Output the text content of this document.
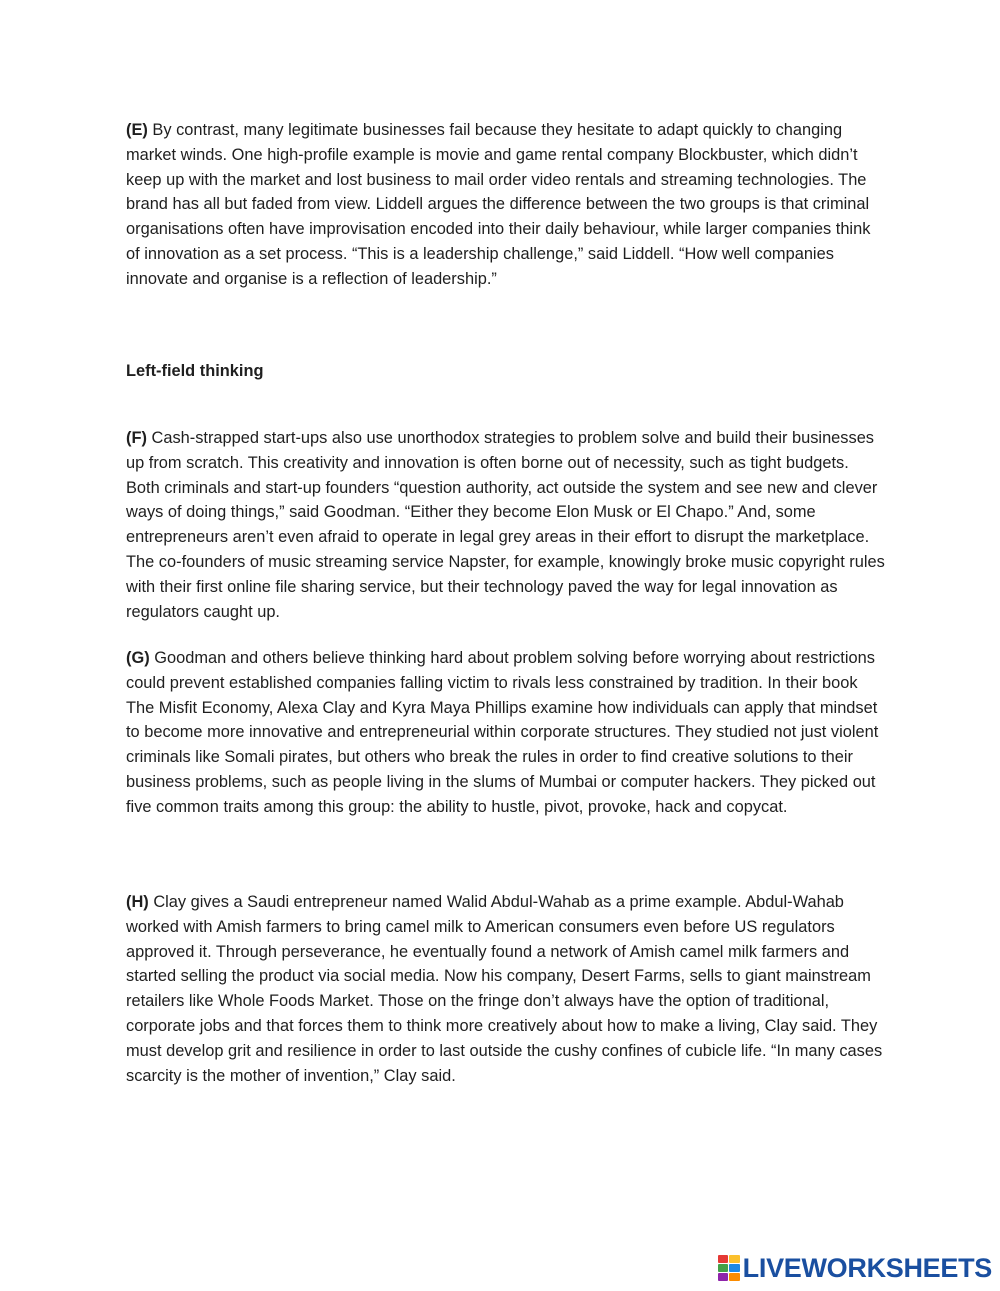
(E) By contrast, many legitimate businesses fail because they hesitate to adapt quickly to changing market winds. One high-profile example is movie and game rental company Blockbuster, which didn’t keep up with the market and lost business to mail order video rentals and streaming technologies. The brand has all but faded from view. Liddell argues the difference between the two groups is that criminal organisations often have improvisation encoded into their daily behaviour, while larger companies think of innovation as a set process. “This is a leadership challenge,” said Liddell. “How well companies innovate and organise is a reflection of leadership.”

Left-field thinking

(F) Cash-strapped start-ups also use unorthodox strategies to problem solve and build their businesses up from scratch. This creativity and innovation is often borne out of necessity, such as tight budgets. Both criminals and start-up founders “question authority, act outside the system and see new and clever ways of doing things,” said Goodman. “Either they become Elon Musk or El Chapo.” And, some entrepreneurs aren’t even afraid to operate in legal grey areas in their effort to disrupt the marketplace. The co-founders of music streaming service Napster, for example, knowingly broke music copyright rules with their first online file sharing service, but their technology paved the way for legal innovation as regulators caught up.

(G) Goodman and others believe thinking hard about problem solving before worrying about restrictions could prevent established companies falling victim to rivals less constrained by tradition. In their book The Misfit Economy, Alexa Clay and Kyra Maya Phillips examine how individuals can apply that mindset to become more innovative and entrepreneurial within corporate structures. They studied not just violent criminals like Somali pirates, but others who break the rules in order to find creative solutions to their business problems, such as people living in the slums of Mumbai or computer hackers. They picked out five common traits among this group: the ability to hustle, pivot, provoke, hack and copycat.

(H) Clay gives a Saudi entrepreneur named Walid Abdul-Wahab as a prime example. Abdul-Wahab worked with Amish farmers to bring camel milk to American consumers even before US regulators approved it. Through perseverance, he eventually found a network of Amish camel milk farmers and started selling the product via social media. Now his company, Desert Farms, sells to giant mainstream retailers like Whole Foods Market. Those on the fringe don’t always have the option of traditional, corporate jobs and that forces them to think more creatively about how to make a living, Clay said. They must develop grit and resilience in order to last outside the cushy confines of cubicle life. “In many cases scarcity is the mother of invention,” Clay said.

LIVEWORKSHEETS
